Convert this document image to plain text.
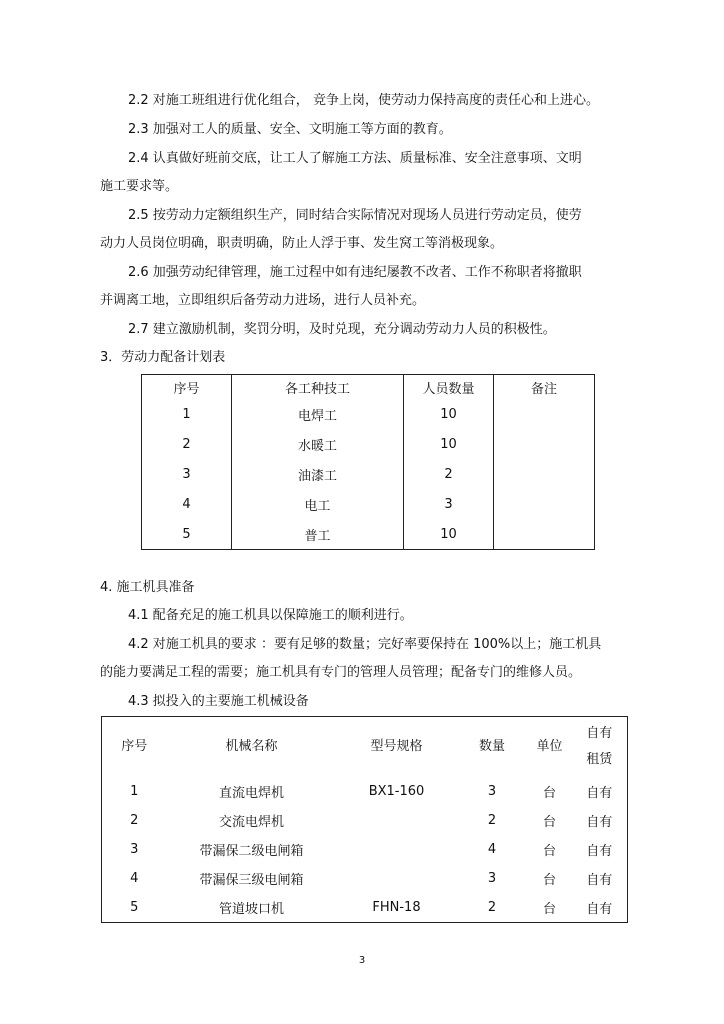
2.2 对施工班组进行优化组合， 竞争上岗，使劳动力保持高度的责任心和上进心。
2.3 加强对工人的质量、安全、文明施工等方面的教育。
2.4 认真做好班前交底，让工人了解施工方法、质量标准、安全注意事项、文明
施工要求等。
2.5 按劳动力定额组织生产，同时结合实际情况对现场人员进行劳动定员，使劳
动力人员岗位明确，职责明确，防止人浮于事、发生窝工等消极现象。
2.6 加强劳动纪律管理，施工过程中如有违纪屡教不改者、工作不称职者将撤职
并调离工地，立即组织后备劳动力进场，进行人员补充。
2.7 建立激励机制，奖罚分明，及时兑现，充分调动劳动力人员的积极性。
3．劳动力配备计划表
序号	各工种技工	人员数量	备注
1	电焊工	10	
2	水暖工	10	
3	油漆工	2	
4	电工	3	
5	普工	10	
4. 施工机具准备
4.1 配备充足的施工机具以保障施工的顺利进行。
4.2 对施工机具的要求 ：要有足够的数量；完好率要保持在 100%以上；施工机具
的能力要满足工程的需要；施工机具有专门的管理人员管理；配备专门的维修人员。
4.3 拟投入的主要施工机械设备
序号	机械名称	型号规格	数量	单位	自有
租赁
1	直流电焊机	BX1-160	3	台	自有
2	交流电焊机		2	台	自有
3	带漏保二级电闸箱		4	台	自有
4	带漏保三级电闸箱		3	台	自有
5	管道坡口机	FHN-18	2	台	自有
3
